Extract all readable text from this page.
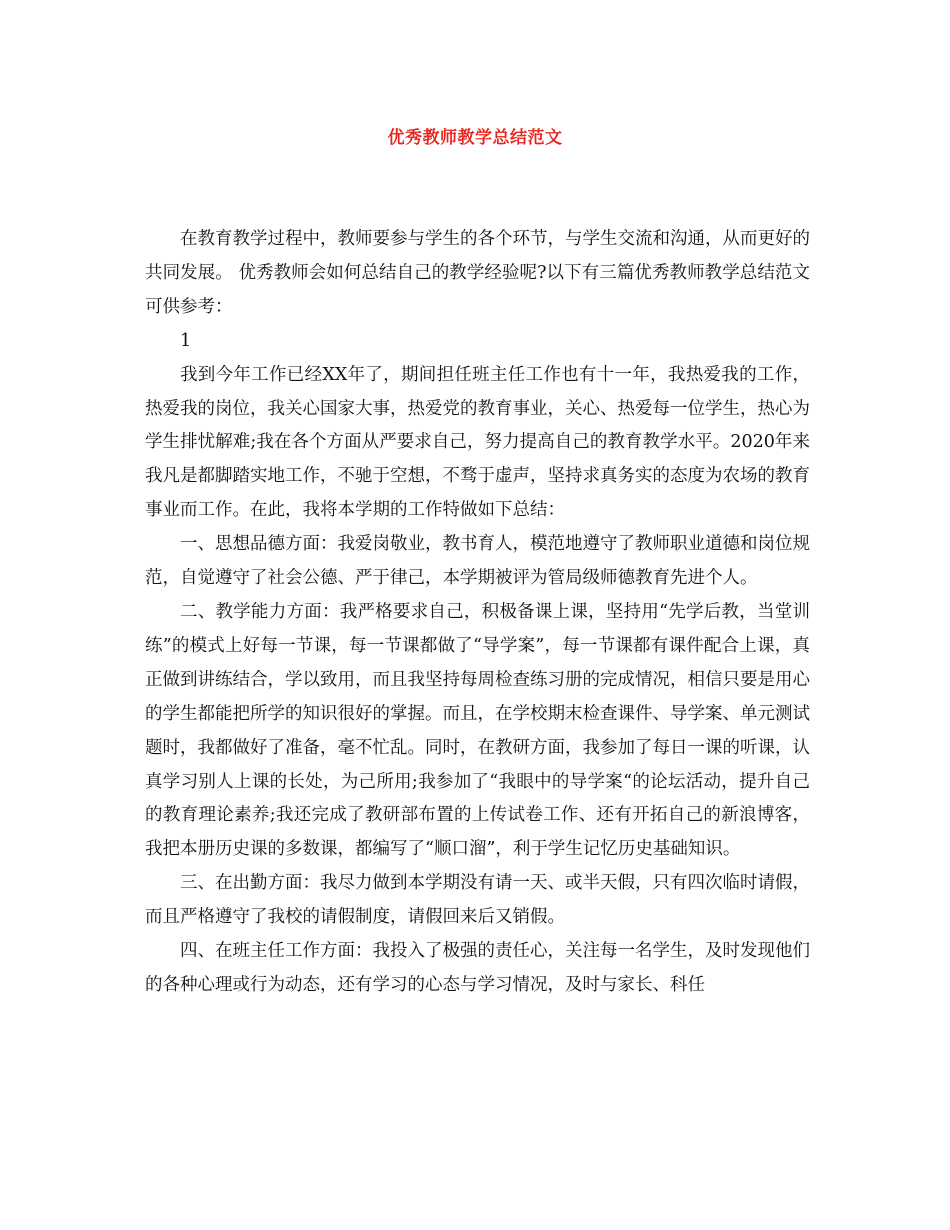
优秀教师教学总结范文

在教育教学过程中，教师要参与学生的各个环节，与学生交流和沟通，从而更好的共同发展。 优秀教师会如何总结自己的教学经验呢?以下有三篇优秀教师教学总结范文可供参考：

1

我到今年工作已经XX年了，期间担任班主任工作也有十一年，我热爱我的工作，热爱我的岗位，我关心国家大事，热爱党的教育事业，关心、热爱每一位学生，热心为学生排忧解难;我在各个方面从严要求自己，努力提高自己的教育教学水平。2020年来我凡是都脚踏实地工作，不驰于空想，不骛于虚声，坚持求真务实的态度为农场的教育事业而工作。在此，我将本学期的工作特做如下总结：

一、思想品德方面：我爱岗敬业，教书育人，模范地遵守了教师职业道德和岗位规范，自觉遵守了社会公德、严于律己，本学期被评为管局级师德教育先进个人。

二、教学能力方面：我严格要求自己，积极备课上课，坚持用“先学后教，当堂训练”的模式上好每一节课，每一节课都做了“导学案”，每一节课都有课件配合上课，真正做到讲练结合，学以致用，而且我坚持每周检查练习册的完成情况，相信只要是用心的学生都能把所学的知识很好的掌握。而且，在学校期末检查课件、导学案、单元测试题时，我都做好了准备，毫不忙乱。同时，在教研方面，我参加了每日一课的听课，认真学习别人上课的长处，为己所用;我参加了“我眼中的导学案“的论坛活动，提升自己的教育理论素养;我还完成了教研部布置的上传试卷工作、还有开拓自己的新浪博客，我把本册历史课的多数课，都编写了“顺口溜”，利于学生记忆历史基础知识。

三、在出勤方面：我尽力做到本学期没有请一天、或半天假，只有四次临时请假，而且严格遵守了我校的请假制度，请假回来后又销假。

四、在班主任工作方面：我投入了极强的责任心，关注每一名学生，及时发现他们的各种心理或行为动态，还有学习的心态与学习情况，及时与家长、科任
